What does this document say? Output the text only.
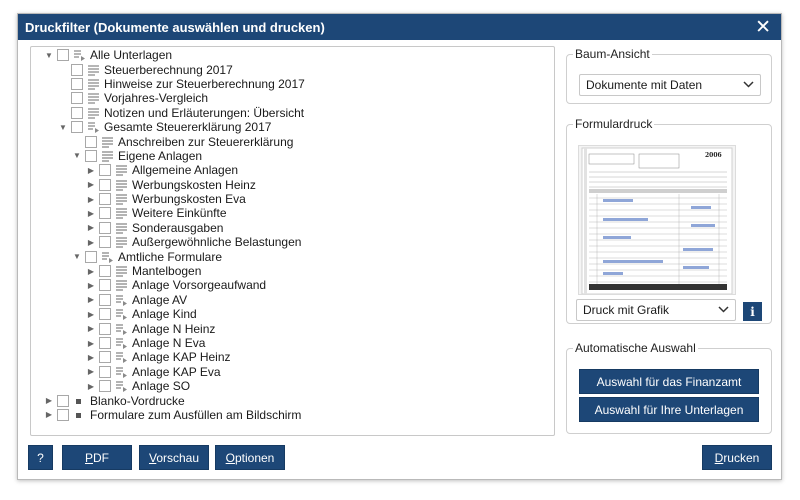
Druckfilter (Dokumente auswählen und drucken)	✕
▼	Alle Unterlagen
Steuerberechnung 2017
Hinweise zur Steuerberechnung 2017
Vorjahres-Vergleich
Notizen und Erläuterungen: Übersicht
▼	Gesamte Steuererklärung 2017
Anschreiben zur Steuererklärung
▼	Eigene Anlagen
▶	Allgemeine Anlagen
▶	Werbungskosten Heinz
▶	Werbungskosten Eva
▶	Weitere Einkünfte
▶	Sonderausgaben
▶	Außergewöhnliche Belastungen
▼	Amtliche Formulare
▶	Mantelbogen
▶	Anlage Vorsorgeaufwand
▶	Anlage AV
▶	Anlage Kind
▶	Anlage N Heinz
▶	Anlage N Eva
▶	Anlage KAP Heinz
▶	Anlage KAP Eva
▶	Anlage SO
▶	Blanko-Vordrucke
▶	Formulare zum Ausfüllen am Bildschirm
Baum-Ansicht
Dokumente mit Daten
Formulardruck
2006
Druck mit Grafik	i
Automatische Auswahl
Auswahl für das Finanzamt
Auswahl für Ihre Unterlagen
?	PDF	Vorschau Optionen	Drucken
